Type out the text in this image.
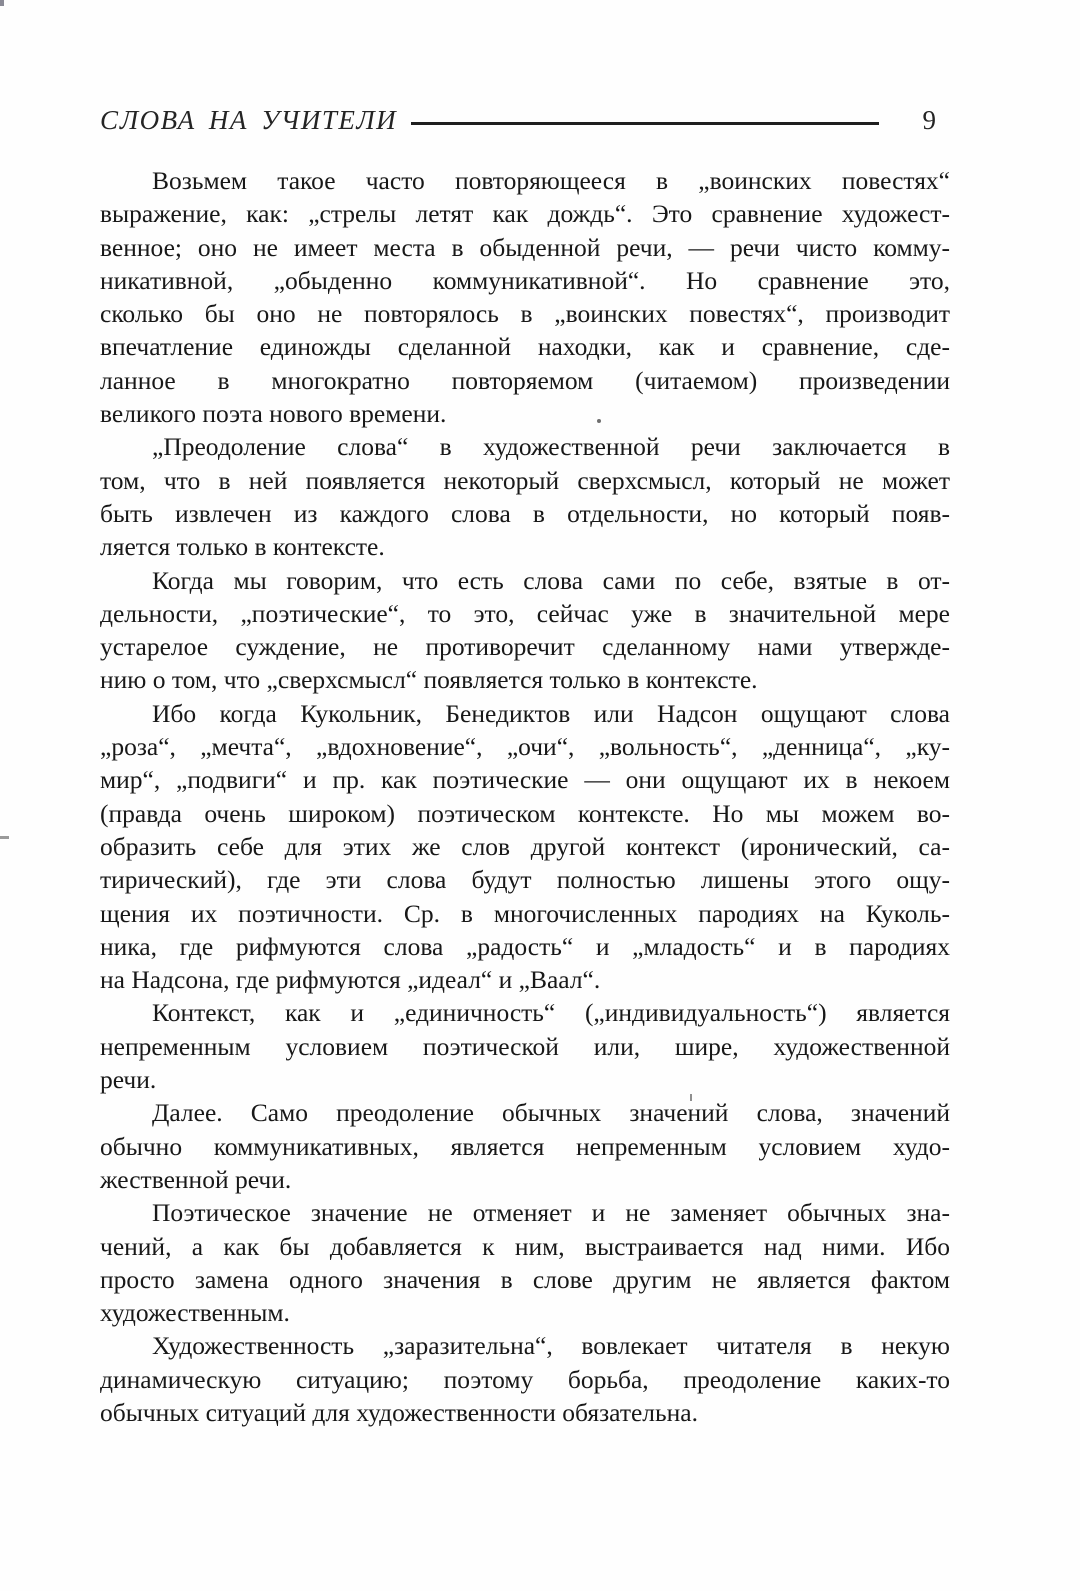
СЛОВА НА УЧИТЕЛИ	9
Возьмем такое часто повторяющееся в „воинских повестях“
выражение, как: „стрелы летят как дождь“. Это сравнение художест-
венное; оно не имеет места в обыденной речи, — речи чисто комму-
никативной, „обыденно коммуникативной“. Но сравнение это,
сколько бы оно не повторялось в „воинских повестях“, производит
впечатление единожды сделанной находки, как и сравнение, сде-
ланное в многократно повторяемом (читаемом) произведении
великого поэта нового времени.
„Преодоление слова“ в художественной речи заключается в
том, что в ней появляется некоторый сверхсмысл, который не может
быть извлечен из каждого слова в отдельности, но который появ-
ляется только в контексте.
Когда мы говорим, что есть слова сами по себе, взятые в от-
дельности, „поэтические“, то это, сейчас уже в значительной мере
устарелое суждение, не противоречит сделанному нами утвержде-
нию о том, что „сверхсмысл“ появляется только в контексте.
Ибо когда Кукольник, Бенедиктов или Надсон ощущают слова
„роза“, „мечта“, „вдохновение“, „очи“, „вольность“, „денница“, „ку-
мир“, „подвиги“ и пр. как поэтические — они ощущают их в некоем
(правда очень широком) поэтическом контексте. Но мы можем во-
образить себе для этих же слов другой контекст (иронический, са-
тирический), где эти слова будут полностью лишены этого ощу-
щения их поэтичности. Ср. в многочисленных пародиях на Куколь-
ника, где рифмуются слова „радость“ и „младость“ и в пародиях
на Надсона, где рифмуются „идеал“ и „Ваал“.
Контекст, как и „единичность“ („индивидуальность“) является
непременным условием поэтической или, шире, художественной
речи.
Далее. Само преодоление обычных значений слова, значений
обычно коммуникативных, является непременным условием худо-
жественной речи.
Поэтическое значение не отменяет и не заменяет обычных зна-
чений, а как бы добавляется к ним, выстраивается над ними. Ибо
просто замена одного значения в слове другим не является фактом
художественным.
Художественность „заразительна“, вовлекает читателя в некую
динамическую ситуацию; поэтому борьба, преодоление каких-то
обычных ситуаций для художественности обязательна.
